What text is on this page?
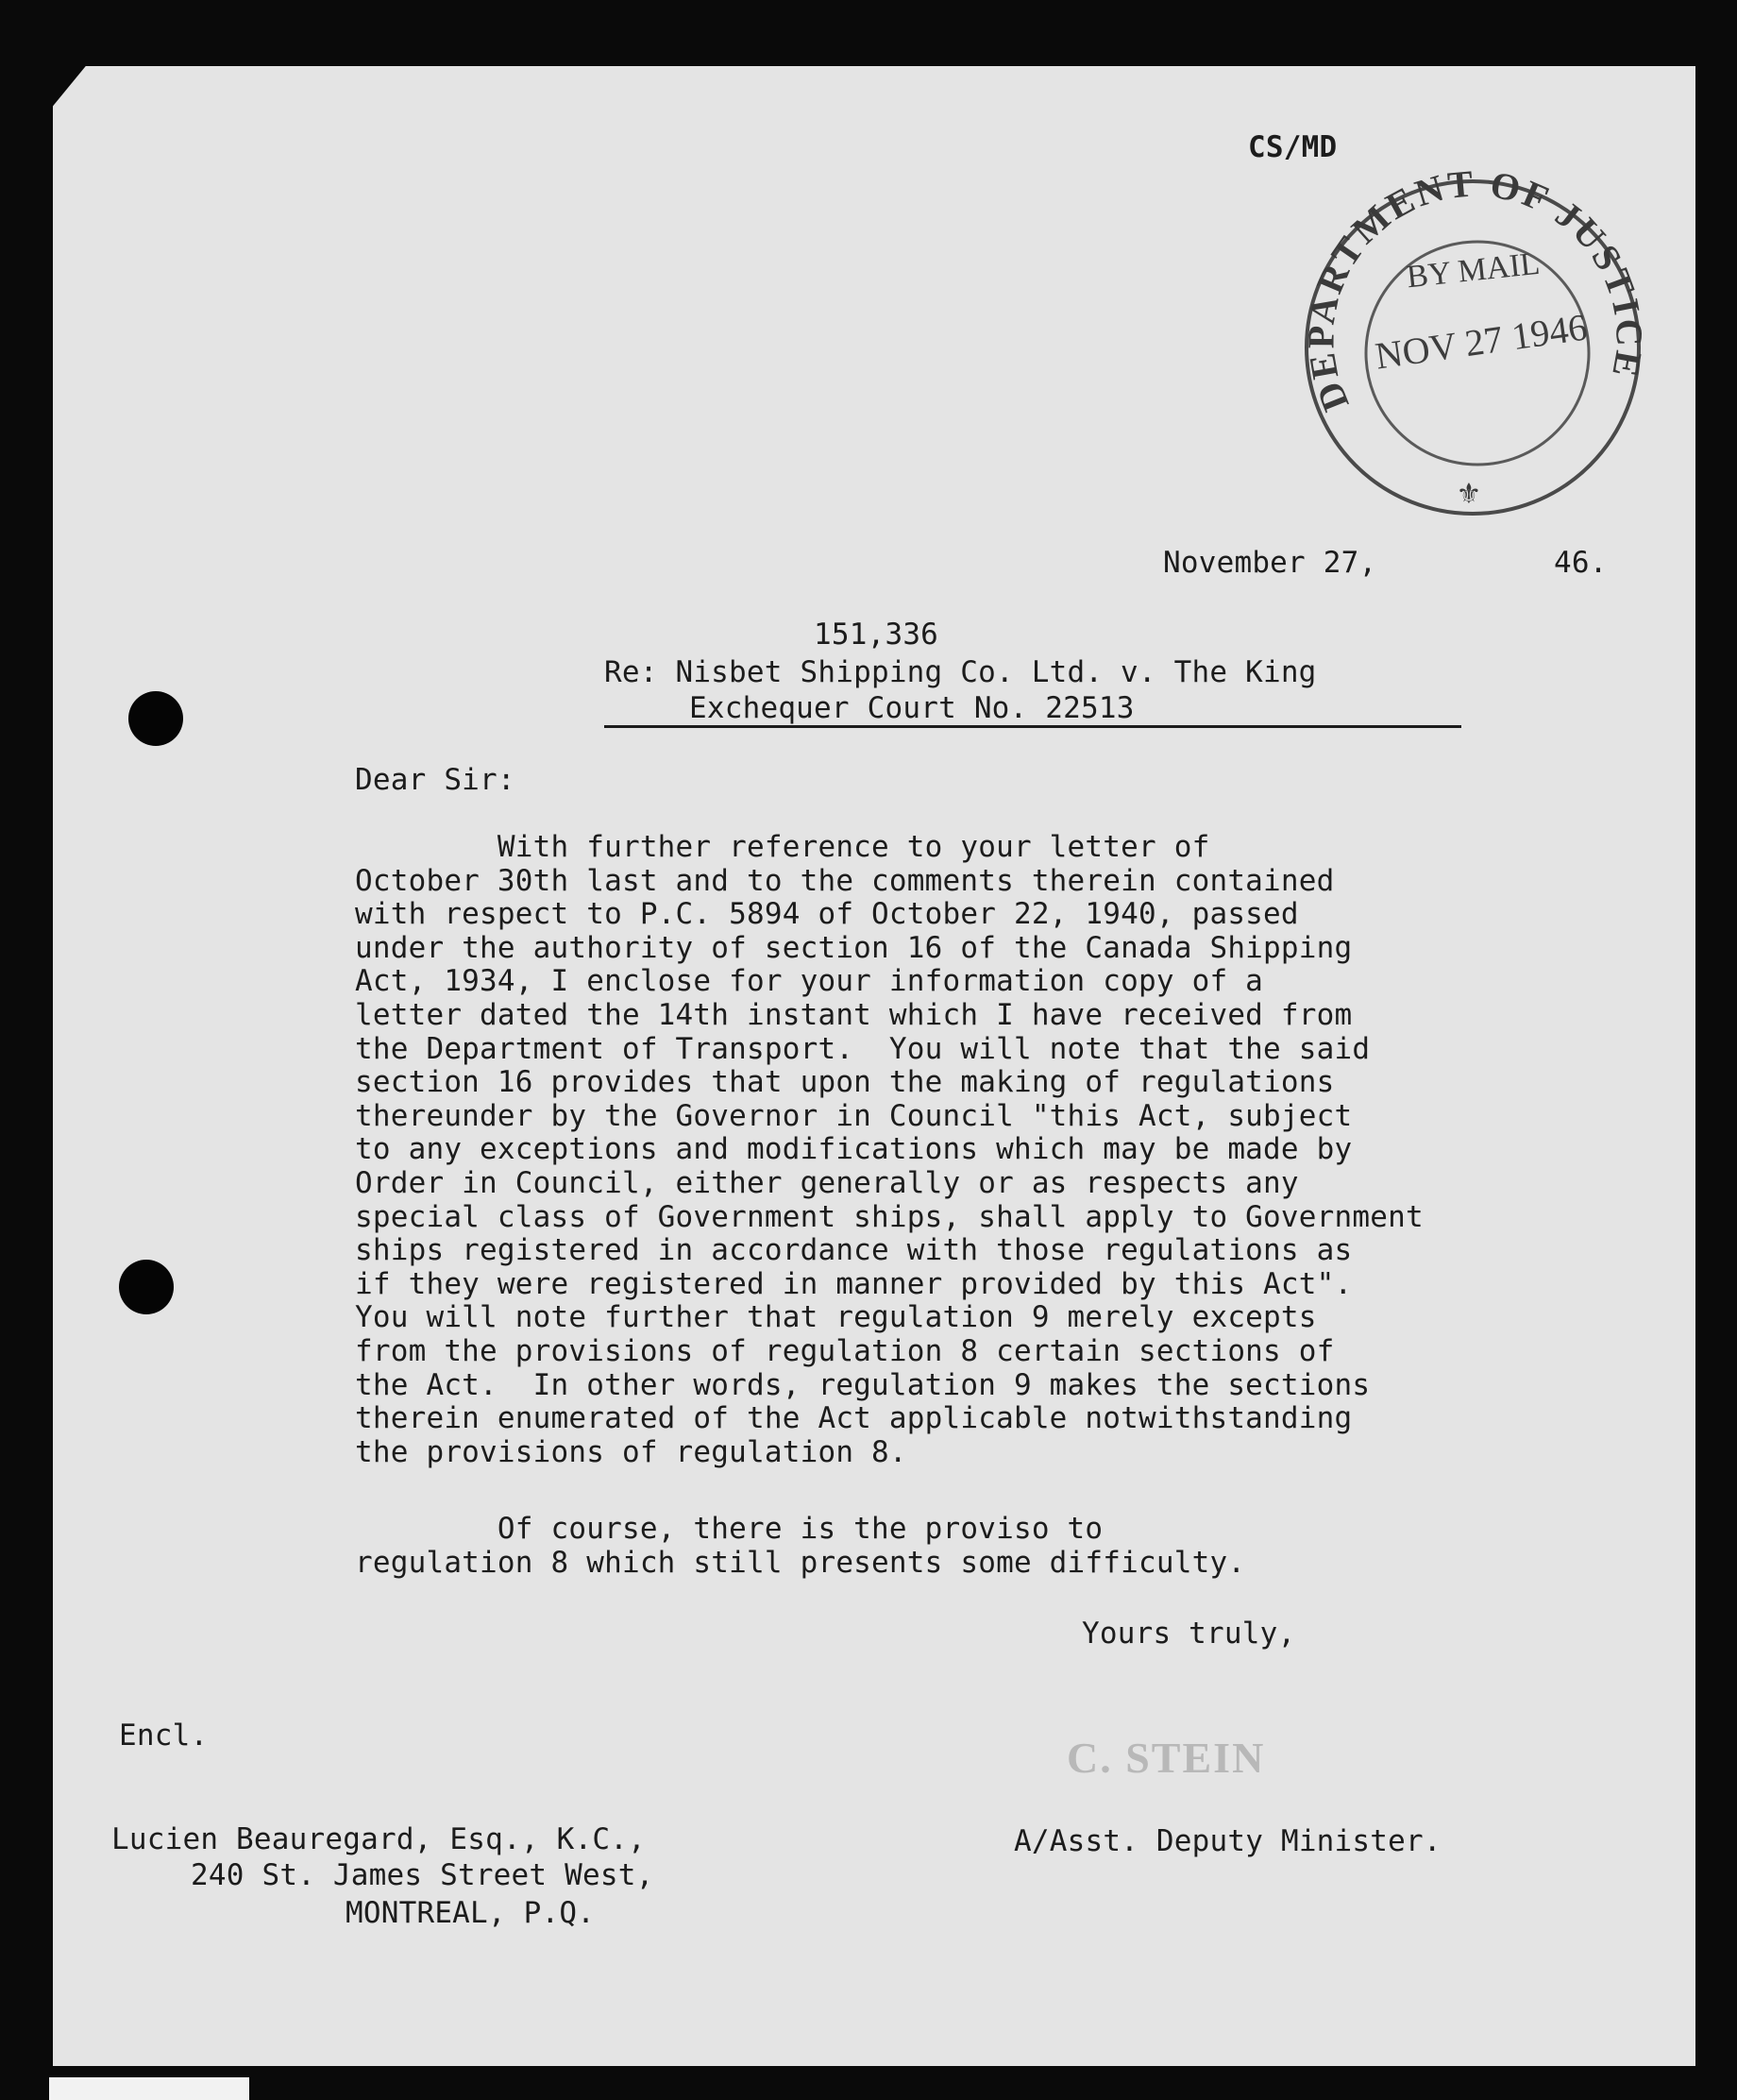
CS/MD

DEPARTMENT OF JUSTICE
⚜

BY MAIL

NOV 27 1946

November 27,	46.

151,336

Re: Nisbet Shipping Co. Ltd. v. The King

Exchequer Court No. 22513

Dear Sir:

With further reference to your letter of
October 30th last and to the comments therein contained
with respect to P.C. 5894 of October 22, 1940, passed
under the authority of section 16 of the Canada Shipping
Act, 1934, I enclose for your information copy of a
letter dated the 14th instant which I have received from
the Department of Transport.  You will note that the said
section 16 provides that upon the making of regulations
thereunder by the Governor in Council "this Act, subject
to any exceptions and modifications which may be made by
Order in Council, either generally or as respects any
special class of Government ships, shall apply to Government
ships registered in accordance with those regulations as
if they were registered in manner provided by this Act".
You will note further that regulation 9 merely excepts
from the provisions of regulation 8 certain sections of
the Act.  In other words, regulation 9 makes the sections
therein enumerated of the Act applicable notwithstanding
the provisions of regulation 8.
Of course, there is the proviso to
regulation 8 which still presents some difficulty.

Yours truly,

Encl.	C. STEIN

A/Asst. Deputy Minister.

Lucien Beauregard, Esq., K.C.,

240 St. James Street West,

MONTREAL, P.Q.
